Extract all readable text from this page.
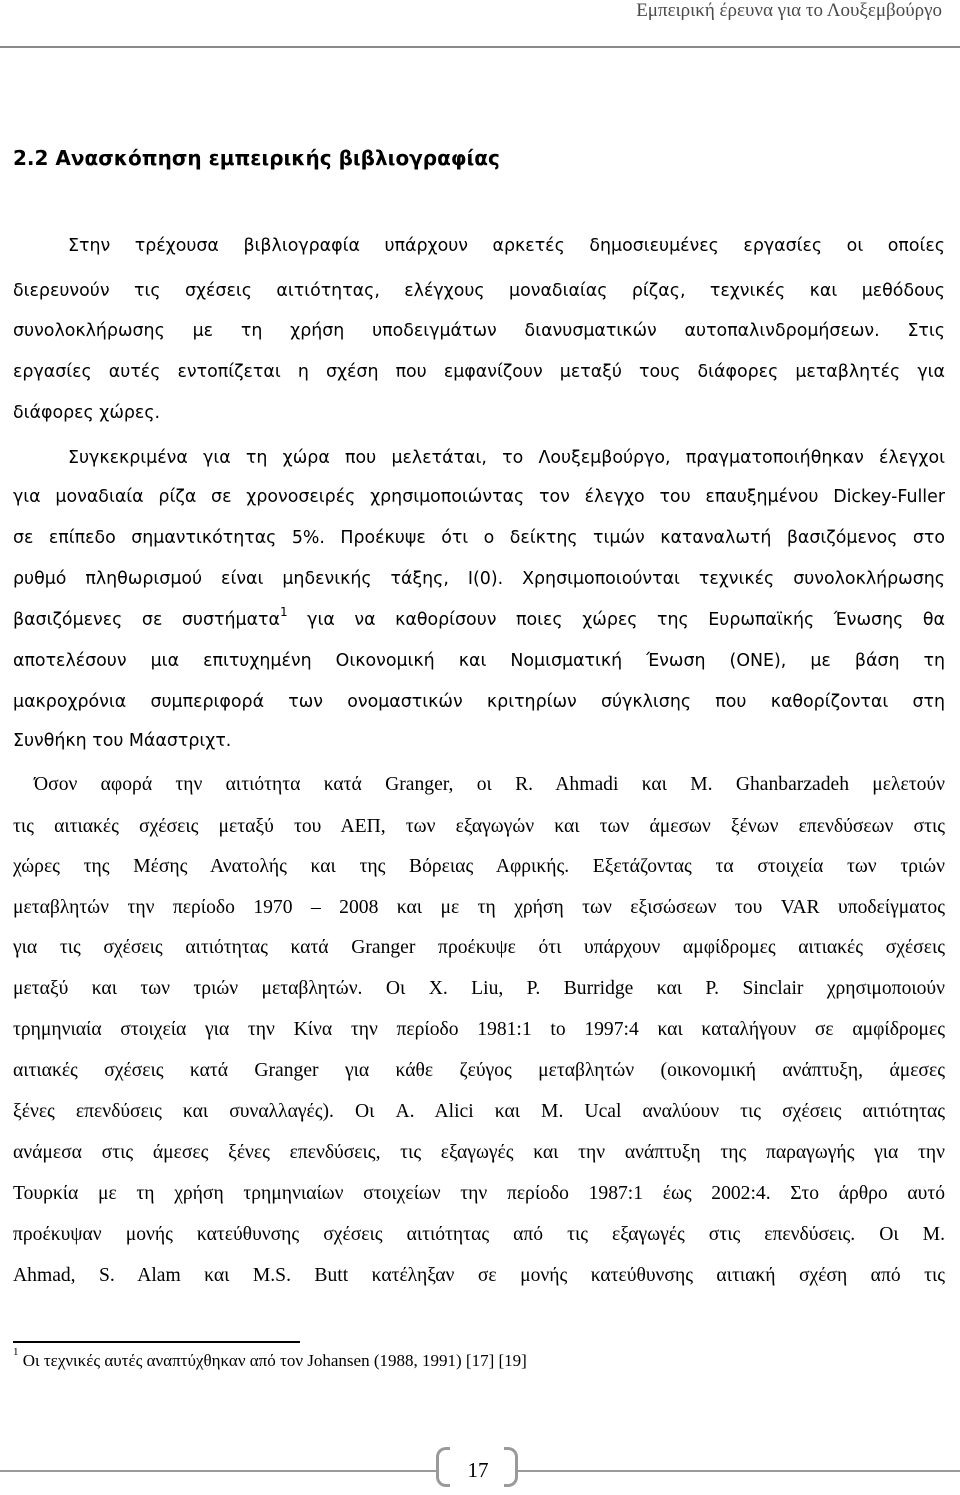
Εμπειρική έρευνα για το Λουξεμβούργο
2.2 Ανασκόπηση εμπειρικής βιβλιογραφίας
Στην τρέχουσα βιβλιογραφία υπάρχουν αρκετές δημοσιευμένες εργασίες οι οποίες
διερευνούν τις σχέσεις αιτιότητας, ελέγχους μοναδιαίας ρίζας, τεχνικές και μεθόδους
συνολοκλήρωσης με τη χρήση υποδειγμάτων διανυσματικών αυτοπαλινδρομήσεων. Στις
εργασίες αυτές εντοπίζεται η σχέση που εμφανίζουν μεταξύ τους διάφορες μεταβλητές για
διάφορες χώρες.
Συγκεκριμένα για τη χώρα που μελετάται, το Λουξεμβούργο, πραγματοποιήθηκαν έλεγχοι
για μοναδιαία ρίζα σε χρονοσειρές χρησιμοποιώντας τον έλεγχο του επαυξημένου Dickey-Fuller
σε επίπεδο σημαντικότητας 5%. Προέκυψε ότι ο δείκτης τιμών καταναλωτή βασιζόμενος στο
ρυθμό πληθωρισμού είναι μηδενικής τάξης, I(0). Χρησιμοποιούνται τεχνικές συνολοκλήρωσης
βασιζόμενες σε συστήματα$^1$ για να καθορίσουν ποιες χώρες της Ευρωπαϊκής Ένωσης θα
αποτελέσουν μια επιτυχημένη Οικονομική και Νομισματική Ένωση (ΟΝΕ), με βάση τη
μακροχρόνια συμπεριφορά των ονομαστικών κριτηρίων σύγκλισης που καθορίζονται στη
Συνθήκη του Μάαστριχτ.
Όσον αφορά την αιτιότητα κατά Granger, οι R. Ahmadi και M. Ghanbarzadeh μελετούν
τις αιτιακές σχέσεις μεταξύ του ΑΕΠ, των εξαγωγών και των άμεσων ξένων επενδύσεων στις
χώρες της Μέσης Ανατολής και της Βόρειας Αφρικής. Εξετάζοντας τα στοιχεία των τριών
μεταβλητών την περίοδο 1970 – 2008 και με τη χρήση των εξισώσεων του VAR υποδείγματος
για τις σχέσεις αιτιότητας κατά Granger προέκυψε ότι υπάρχουν αμφίδρομες αιτιακές σχέσεις
μεταξύ και των τριών μεταβλητών. Οι X. Liu, P. Burridge και P. Sinclair χρησιμοποιούν
τρημηνιαία στοιχεία για την Κίνα την περίοδο 1981:1 to 1997:4 και καταλήγουν σε αμφίδρομες
αιτιακές σχέσεις κατά Granger για κάθε ζεύγος μεταβλητών (οικονομική ανάπτυξη, άμεσες
ξένες επενδύσεις και συναλλαγές). Οι A. Alici και M. Ucal αναλύουν τις σχέσεις αιτιότητας
ανάμεσα στις άμεσες ξένες επενδύσεις, τις εξαγωγές και την ανάπτυξη της παραγωγής για την
Τουρκία με τη χρήση τρημηνιαίων στοιχείων την περίοδο 1987:1 έως 2002:4. Στο άρθρο αυτό
προέκυψαν μονής κατεύθυνσης σχέσεις αιτιότητας από τις εξαγωγές στις επενδύσεις. Οι M.
Ahmad, S. Alam και M.S. Butt κατέληξαν σε μονής κατεύθυνσης αιτιακή σχέση από τις
$^1$ Οι τεχνικές αυτές αναπτύχθηκαν από τον Johansen (1988, 1991) [17] [19]
17
